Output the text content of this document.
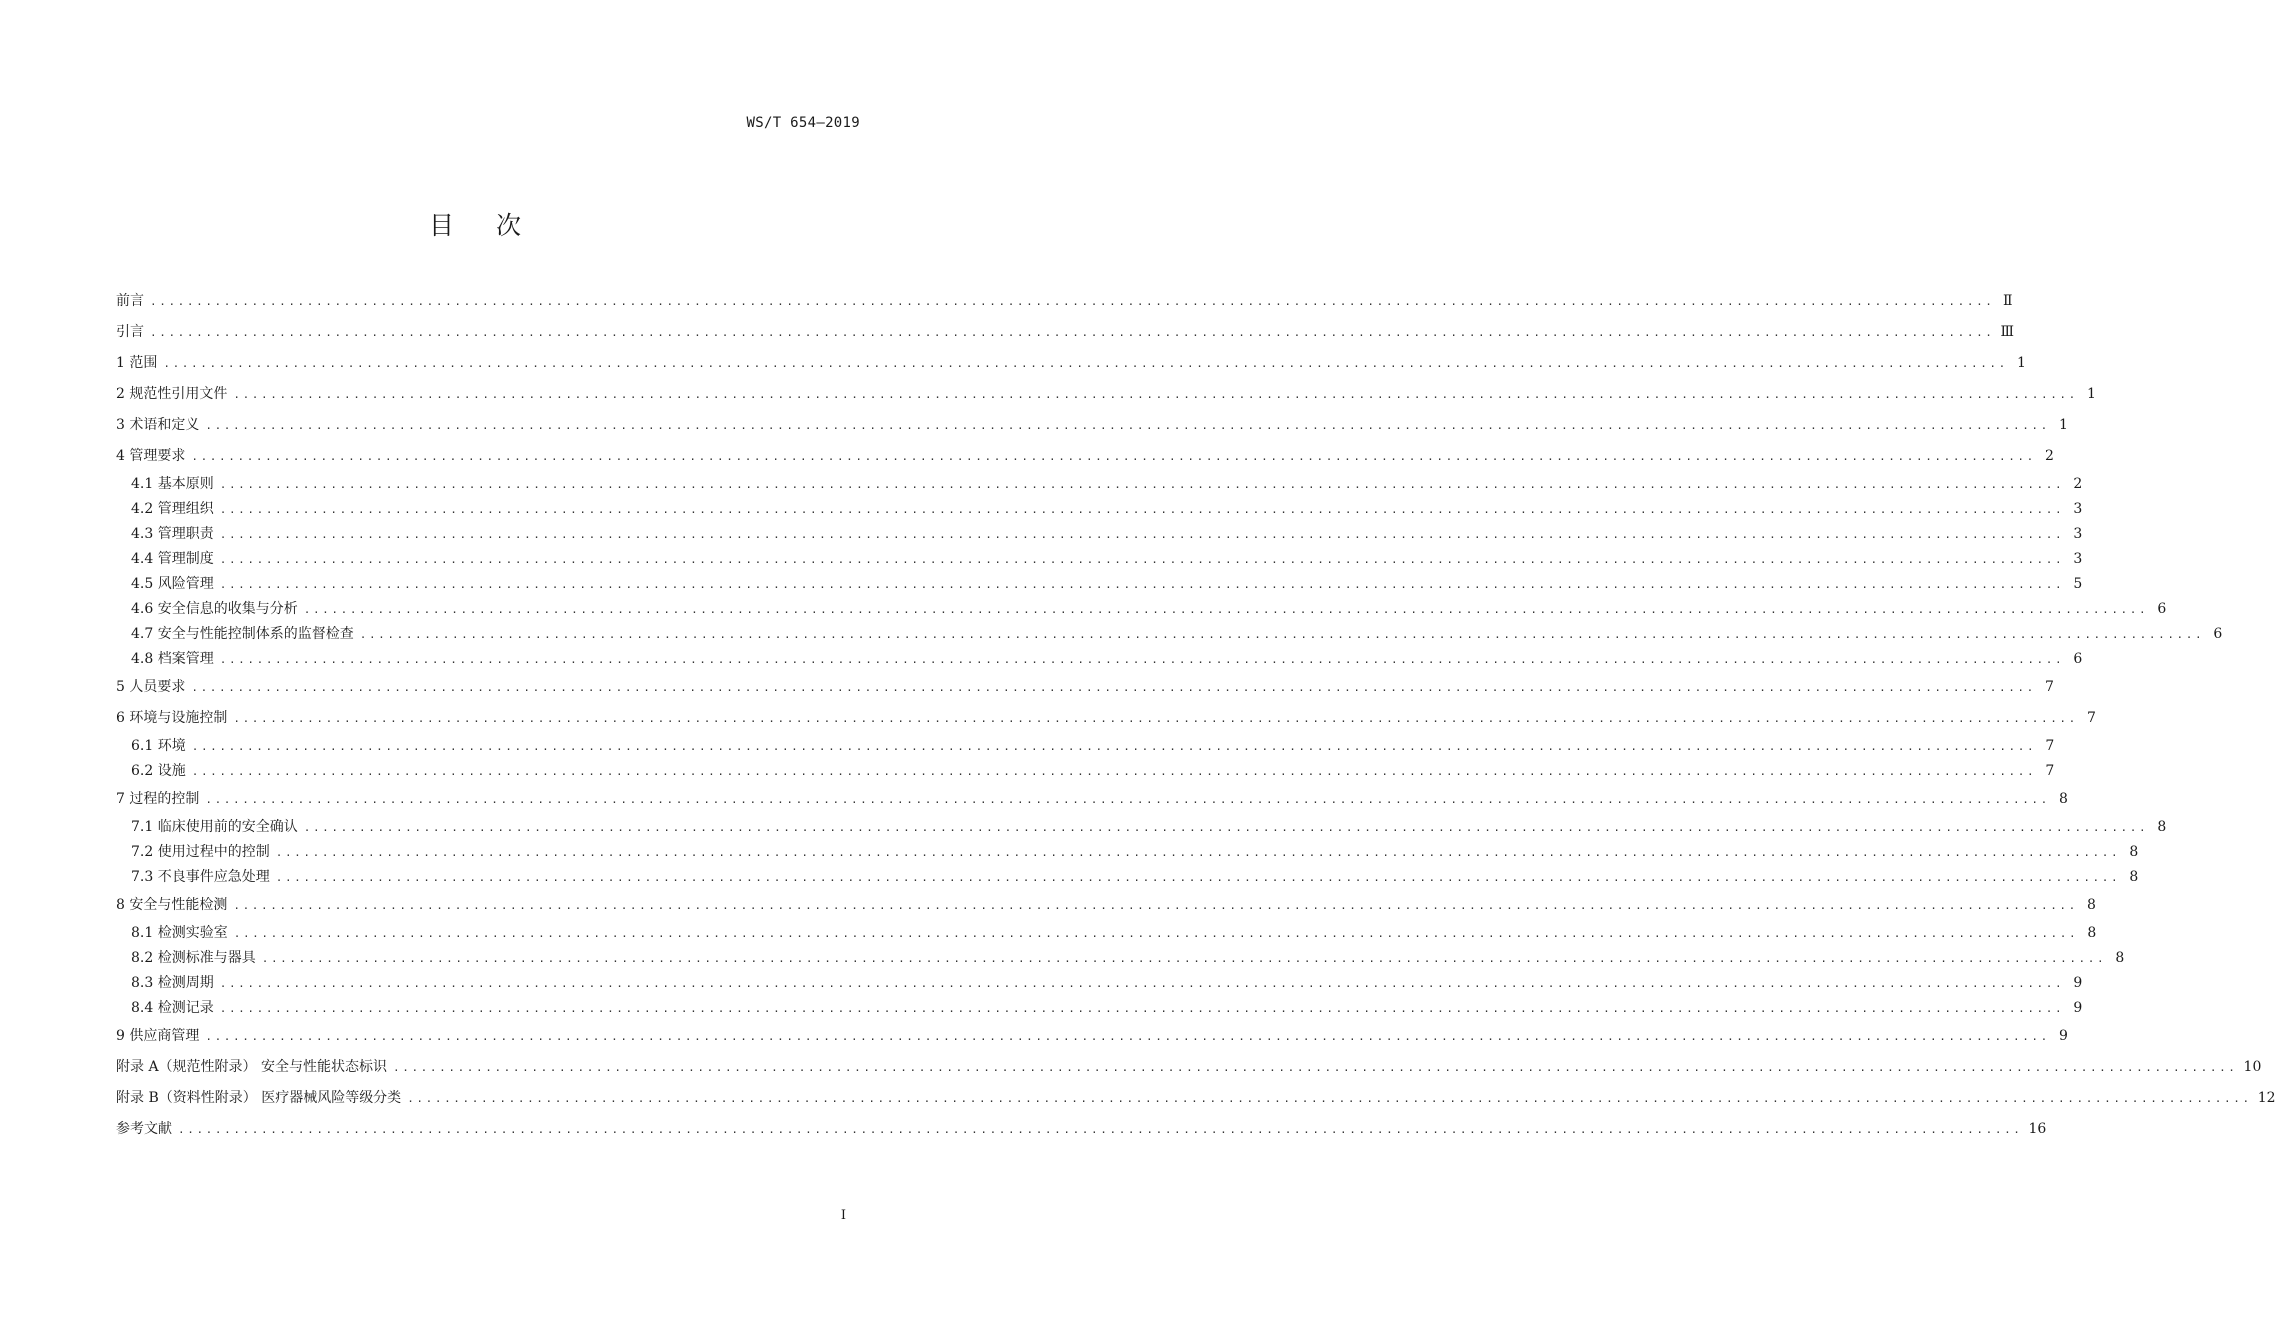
WS/T 654—2019
目次
前言 ........................................................................................................................................................................................................ Ⅱ
引言 ........................................................................................................................................................................................................ Ⅲ
1 范围 ........................................................................................................................................................................................................ 1
2 规范性引用文件 ........................................................................................................................................................................................................ 1
3 术语和定义 ........................................................................................................................................................................................................ 1
4 管理要求 ........................................................................................................................................................................................................ 2
4.1 基本原则 ........................................................................................................................................................................................................ 2
4.2 管理组织 ........................................................................................................................................................................................................ 3
4.3 管理职责 ........................................................................................................................................................................................................ 3
4.4 管理制度 ........................................................................................................................................................................................................ 3
4.5 风险管理 ........................................................................................................................................................................................................ 5
4.6 安全信息的收集与分析 ........................................................................................................................................................................................................ 6
4.7 安全与性能控制体系的监督检查 ........................................................................................................................................................................................................ 6
4.8 档案管理 ........................................................................................................................................................................................................ 6
5 人员要求 ........................................................................................................................................................................................................ 7
6 环境与设施控制 ........................................................................................................................................................................................................ 7
6.1 环境 ........................................................................................................................................................................................................ 7
6.2 设施 ........................................................................................................................................................................................................ 7
7 过程的控制 ........................................................................................................................................................................................................ 8
7.1 临床使用前的安全确认 ........................................................................................................................................................................................................ 8
7.2 使用过程中的控制 ........................................................................................................................................................................................................ 8
7.3 不良事件应急处理 ........................................................................................................................................................................................................ 8
8 安全与性能检测 ........................................................................................................................................................................................................ 8
8.1 检测实验室 ........................................................................................................................................................................................................ 8
8.2 检测标准与器具 ........................................................................................................................................................................................................ 8
8.3 检测周期 ........................................................................................................................................................................................................ 9
8.4 检测记录 ........................................................................................................................................................................................................ 9
9 供应商管理 ........................................................................................................................................................................................................ 9
附录 A（规范性附录） 安全与性能状态标识 ........................................................................................................................................................................................................ 10
附录 B（资料性附录） 医疗器械风险等级分类 ........................................................................................................................................................................................................ 12
参考文献 ........................................................................................................................................................................................................ 16
I
